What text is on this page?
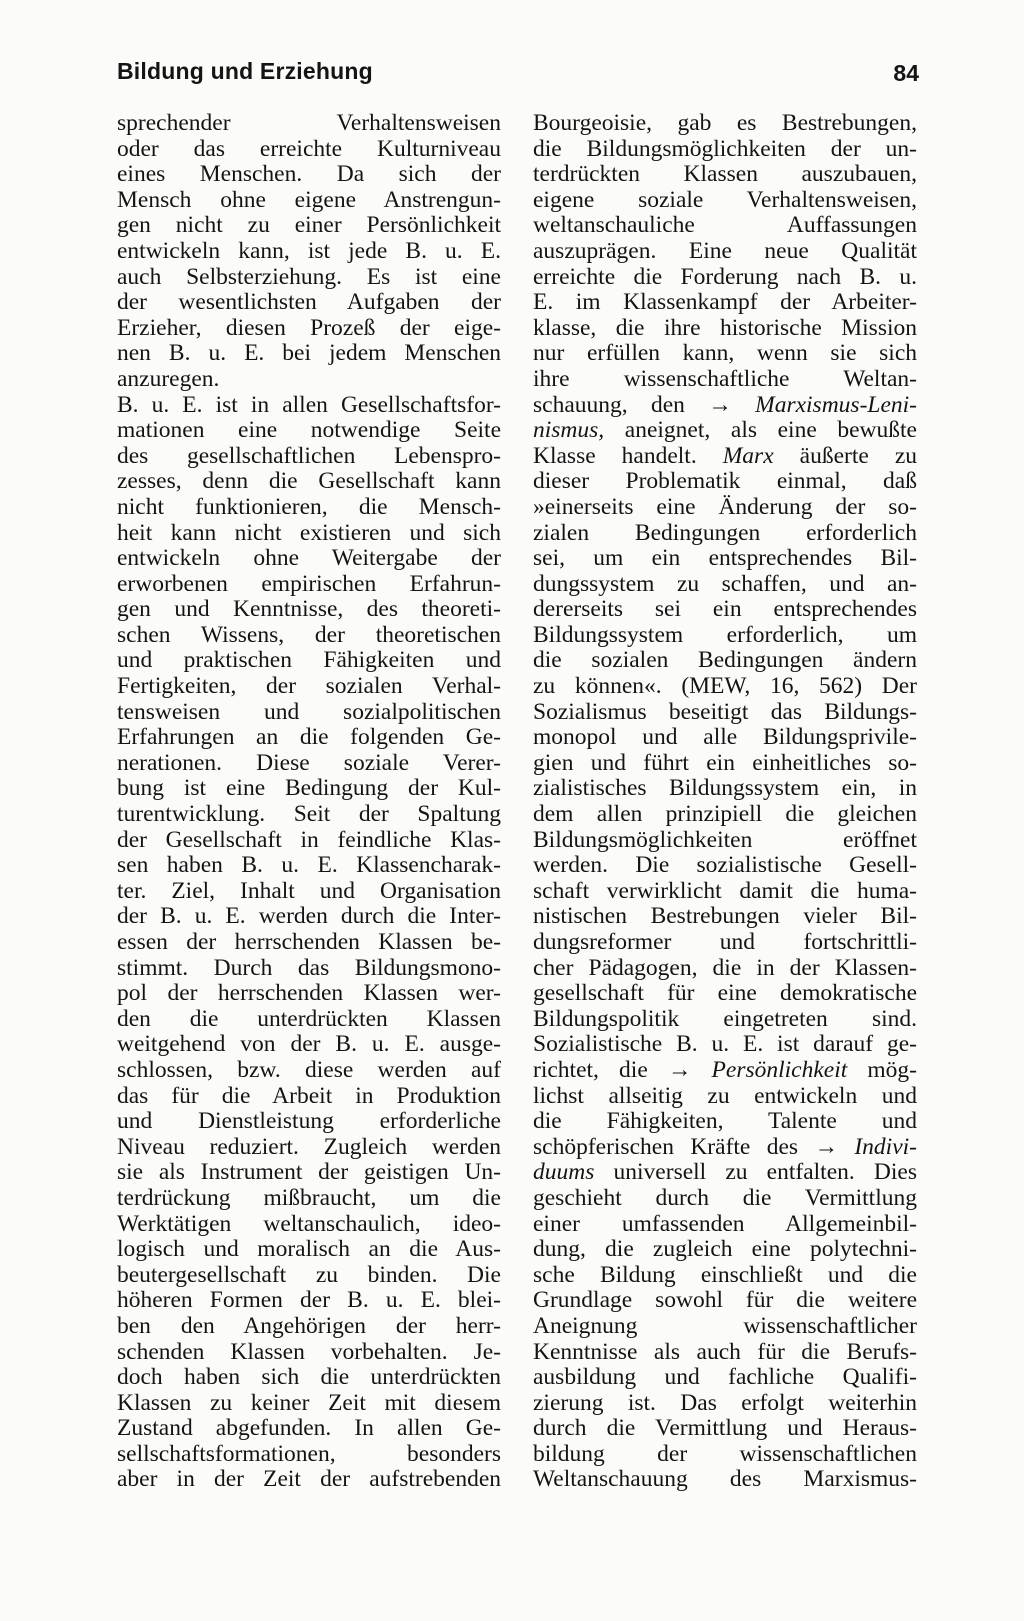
Bildung und Erziehung	84
sprechender Verhaltensweisen
oder das erreichte Kulturniveau
eines Menschen. Da sich der
Mensch ohne eigene Anstrengun-
gen nicht zu einer Persönlichkeit
entwickeln kann, ist jede B. u. E.
auch Selbsterziehung. Es ist eine
der wesentlichsten Aufgaben der
Erzieher, diesen Prozeß der eige-
nen B. u. E. bei jedem Menschen
anzuregen.
B. u. E. ist in allen Gesellschaftsfor-
mationen eine notwendige Seite
des gesellschaftlichen Lebenspro-
zesses, denn die Gesellschaft kann
nicht funktionieren, die Mensch-
heit kann nicht existieren und sich
entwickeln ohne Weitergabe der
erworbenen empirischen Erfahrun-
gen und Kenntnisse, des theoreti-
schen Wissens, der theoretischen
und praktischen Fähigkeiten und
Fertigkeiten, der sozialen Verhal-
tensweisen und sozialpolitischen
Erfahrungen an die folgenden Ge-
nerationen. Diese soziale Verer-
bung ist eine Bedingung der Kul-
turentwicklung. Seit der Spaltung
der Gesellschaft in feindliche Klas-
sen haben B. u. E. Klassencharak-
ter. Ziel, Inhalt und Organisation
der B. u. E. werden durch die Inter-
essen der herrschenden Klassen be-
stimmt. Durch das Bildungsmono-
pol der herrschenden Klassen wer-
den die unterdrückten Klassen
weitgehend von der B. u. E. ausge-
schlossen, bzw. diese werden auf
das für die Arbeit in Produktion
und Dienstleistung erforderliche
Niveau reduziert. Zugleich werden
sie als Instrument der geistigen Un-
terdrückung mißbraucht, um die
Werktätigen weltanschaulich, ideo-
logisch und moralisch an die Aus-
beutergesellschaft zu binden. Die
höheren Formen der B. u. E. blei-
ben den Angehörigen der herr-
schenden Klassen vorbehalten. Je-
doch haben sich die unterdrückten
Klassen zu keiner Zeit mit diesem
Zustand abgefunden. In allen Ge-
sellschaftsformationen, besonders
aber in der Zeit der aufstrebenden
Bourgeoisie, gab es Bestrebungen,
die Bildungsmöglichkeiten der un-
terdrückten Klassen auszubauen,
eigene soziale Verhaltensweisen,
weltanschauliche Auffassungen
auszuprägen. Eine neue Qualität
erreichte die Forderung nach B. u.
E. im Klassenkampf der Arbeiter-
klasse, die ihre historische Mission
nur erfüllen kann, wenn sie sich
ihre wissenschaftliche Weltan-
schauung, den → Marxismus-Leni-
nismus, aneignet, als eine bewußte
Klasse handelt. Marx äußerte zu
dieser Problematik einmal, daß
»einerseits eine Änderung der so-
zialen Bedingungen erforderlich
sei, um ein entsprechendes Bil-
dungssystem zu schaffen, und an-
dererseits sei ein entsprechendes
Bildungssystem erforderlich, um
die sozialen Bedingungen ändern
zu können«. (MEW, 16, 562) Der
Sozialismus beseitigt das Bildungs-
monopol und alle Bildungsprivile-
gien und führt ein einheitliches so-
zialistisches Bildungssystem ein, in
dem allen prinzipiell die gleichen
Bildungsmöglichkeiten eröffnet
werden. Die sozialistische Gesell-
schaft verwirklicht damit die huma-
nistischen Bestrebungen vieler Bil-
dungsreformer und fortschrittli-
cher Pädagogen, die in der Klassen-
gesellschaft für eine demokratische
Bildungspolitik eingetreten sind.
Sozialistische B. u. E. ist darauf ge-
richtet, die → Persönlichkeit mög-
lichst allseitig zu entwickeln und
die Fähigkeiten, Talente und
schöpferischen Kräfte des → Indivi-
duums universell zu entfalten. Dies
geschieht durch die Vermittlung
einer umfassenden Allgemeinbil-
dung, die zugleich eine polytechni-
sche Bildung einschließt und die
Grundlage sowohl für die weitere
Aneignung wissenschaftlicher
Kenntnisse als auch für die Berufs-
ausbildung und fachliche Qualifi-
zierung ist. Das erfolgt weiterhin
durch die Vermittlung und Heraus-
bildung der wissenschaftlichen
Weltanschauung des Marxismus-
